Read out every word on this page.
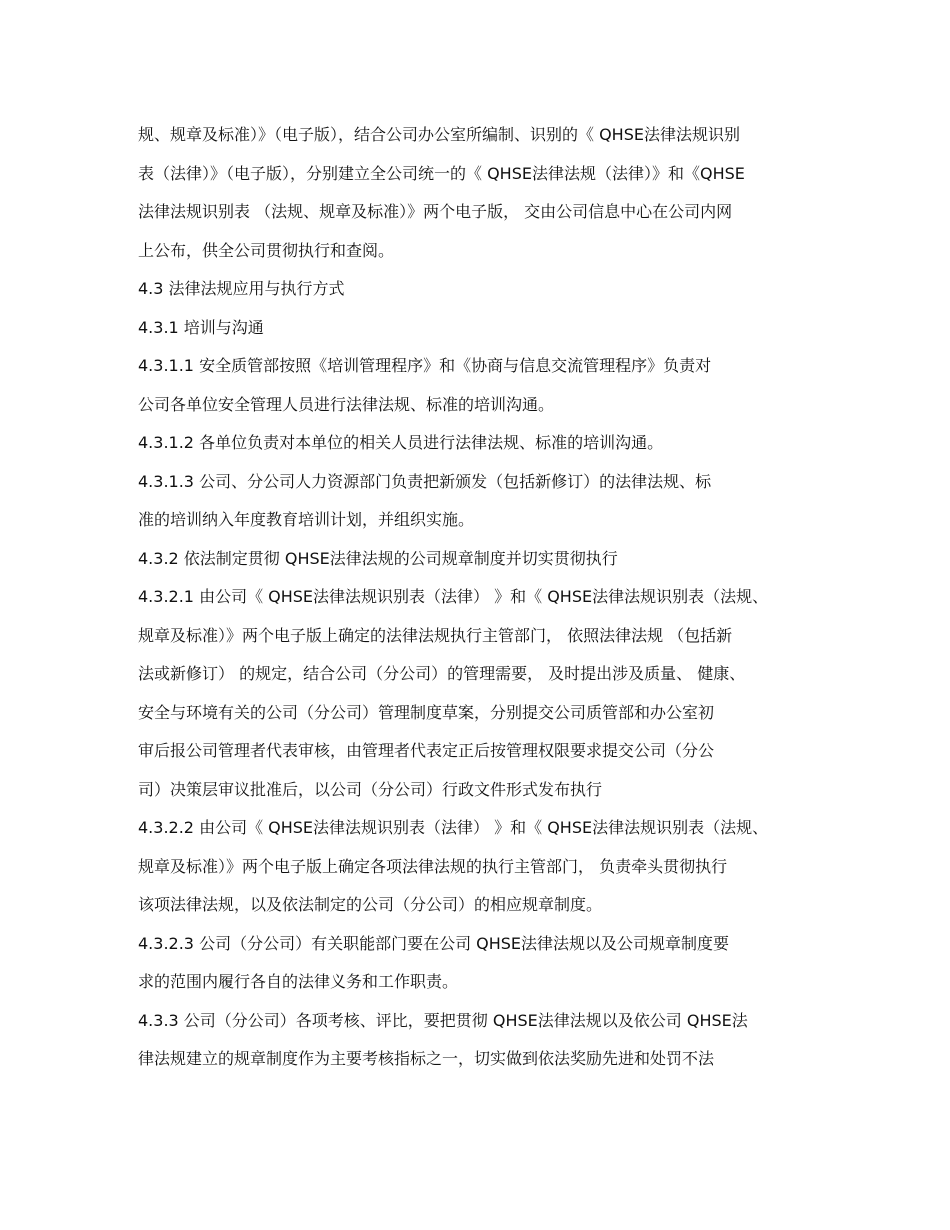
规、规章及标准）》（电子版），结合公司办公室所编制、识别的《 QHSE法律法规识别
表（法律）》（电子版），分别建立全公司统一的《 QHSE法律法规（法律）》和《QHSE
法律法规识别表 （法规、规章及标准）》两个电子版， 交由公司信息中心在公司内网
上公布，供全公司贯彻执行和查阅。
4.3 法律法规应用与执行方式
4.3.1 培训与沟通
4.3.1.1 安全质管部按照《培训管理程序》和《协商与信息交流管理程序》负责对
公司各单位安全管理人员进行法律法规、标准的培训沟通。
4.3.1.2 各单位负责对本单位的相关人员进行法律法规、标准的培训沟通。
4.3.1.3 公司、分公司人力资源部门负责把新颁发（包括新修订）的法律法规、标
准的培训纳入年度教育培训计划，并组织实施。
4.3.2 依法制定贯彻 QHSE法律法规的公司规章制度并切实贯彻执行
4.3.2.1 由公司《 QHSE法律法规识别表（法律） 》和《 QHSE法律法规识别表（法规、
规章及标准）》两个电子版上确定的法律法规执行主管部门， 依照法律法规 （包括新
法或新修订） 的规定，结合公司（分公司）的管理需要， 及时提出涉及质量、 健康、
安全与环境有关的公司（分公司）管理制度草案，分别提交公司质管部和办公室初
审后报公司管理者代表审核，由管理者代表定正后按管理权限要求提交公司（分公
司）决策层审议批准后，以公司（分公司）行政文件形式发布执行
4.3.2.2 由公司《 QHSE法律法规识别表（法律） 》和《 QHSE法律法规识别表（法规、
规章及标准）》两个电子版上确定各项法律法规的执行主管部门， 负责牵头贯彻执行
该项法律法规，以及依法制定的公司（分公司）的相应规章制度。
4.3.2.3 公司（分公司）有关职能部门要在公司 QHSE法律法规以及公司规章制度要
求的范围内履行各自的法律义务和工作职责。
4.3.3 公司（分公司）各项考核、评比，要把贯彻 QHSE法律法规以及依公司 QHSE法
律法规建立的规章制度作为主要考核指标之一，切实做到依法奖励先进和处罚不法
